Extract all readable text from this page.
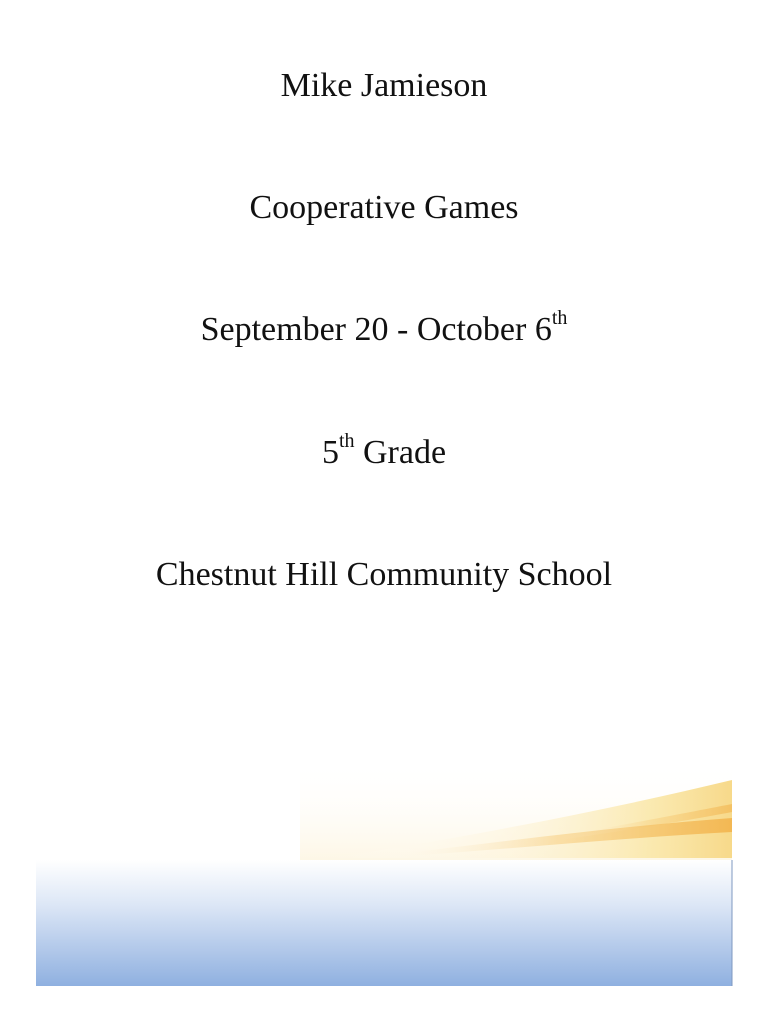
Mike Jamieson
Cooperative Games
September 20 - October 6th
5th Grade
Chestnut Hill Community School
